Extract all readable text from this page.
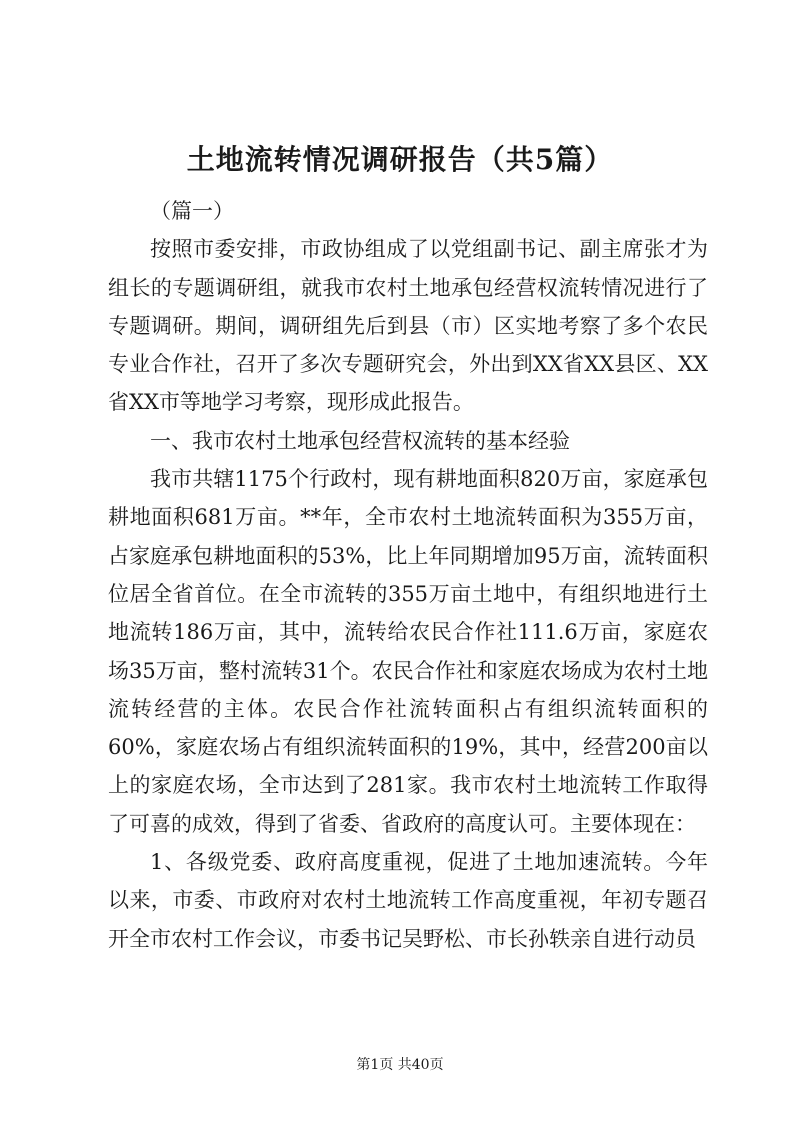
土地流转情况调研报告（共5篇）

（篇一）

按照市委安排，市政协组成了以党组副书记、副主席张才为组长的专题调研组，就我市农村土地承包经营权流转情况进行了专题调研。期间，调研组先后到县（市）区实地考察了多个农民专业合作社，召开了多次专题研究会，外出到XX省XX县区、XX省XX市等地学习考察，现形成此报告。

一、我市农村土地承包经营权流转的基本经验

我市共辖1175个行政村，现有耕地面积820万亩，家庭承包耕地面积681万亩。**年，全市农村土地流转面积为355万亩，占家庭承包耕地面积的53%，比上年同期增加95万亩，流转面积位居全省首位。在全市流转的355万亩土地中，有组织地进行土地流转186万亩，其中，流转给农民合作社111.6万亩，家庭农场35万亩，整村流转31个。农民合作社和家庭农场成为农村土地流转经营的主体。农民合作社流转面积占有组织流转面积的60%，家庭农场占有组织流转面积的19%，其中，经营200亩以上的家庭农场，全市达到了281家。我市农村土地流转工作取得了可喜的成效，得到了省委、省政府的高度认可。主要体现在：

1、各级党委、政府高度重视，促进了土地加速流转。今年以来，市委、市政府对农村土地流转工作高度重视，年初专题召开全市农村工作会议，市委书记吴野松、市长孙轶亲自进行动员

第1页 共40页
